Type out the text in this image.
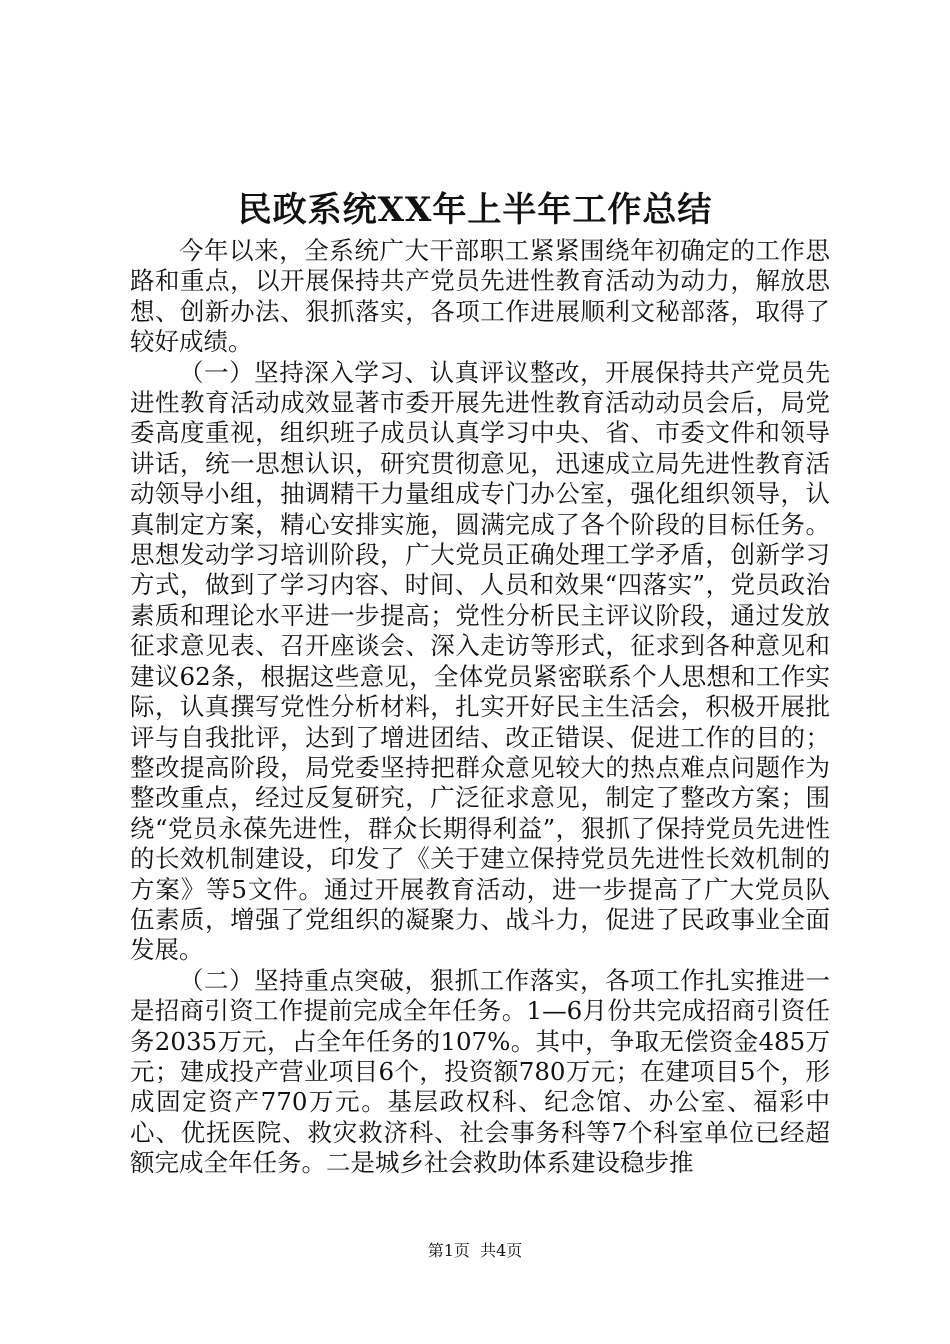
民政系统XX年上半年工作总结

今年以来，全系统广大干部职工紧紧围绕年初确定的工作思路和重点，以开展保持共产党员先进性教育活动为动力，解放思想、创新办法、狠抓落实，各项工作进展顺利文秘部落，取得了较好成绩。

（一）坚持深入学习、认真评议整改，开展保持共产党员先进性教育活动成效显著市委开展先进性教育活动动员会后，局党委高度重视，组织班子成员认真学习中央、省、市委文件和领导讲话，统一思想认识，研究贯彻意见，迅速成立局先进性教育活动领导小组，抽调精干力量组成专门办公室，强化组织领导，认真制定方案，精心安排实施，圆满完成了各个阶段的目标任务。思想发动学习培训阶段，广大党员正确处理工学矛盾，创新学习方式，做到了学习内容、时间、人员和效果“四落实”，党员政治素质和理论水平进一步提高；党性分析民主评议阶段，通过发放征求意见表、召开座谈会、深入走访等形式，征求到各种意见和建议62条，根据这些意见，全体党员紧密联系个人思想和工作实际，认真撰写党性分析材料，扎实开好民主生活会，积极开展批评与自我批评，达到了增进团结、改正错误、促进工作的目的；整改提高阶段，局党委坚持把群众意见较大的热点难点问题作为整改重点，经过反复研究，广泛征求意见，制定了整改方案；围绕“党员永葆先进性，群众长期得利益”，狠抓了保持党员先进性的长效机制建设，印发了《关于建立保持党员先进性长效机制的方案》等5文件。通过开展教育活动，进一步提高了广大党员队伍素质，增强了党组织的凝聚力、战斗力，促进了民政事业全面发展。

（二）坚持重点突破，狠抓工作落实，各项工作扎实推进一是招商引资工作提前完成全年任务。1—6月份共完成招商引资任务2035万元，占全年任务的107%。其中，争取无偿资金485万元；建成投产营业项目6个，投资额780万元；在建项目5个，形成固定资产770万元。基层政权科、纪念馆、办公室、福彩中心、优抚医院、救灾救济科、社会事务科等7个科室单位已经超额完成全年任务。二是城乡社会救助体系建设稳步推

第1页 共4页
